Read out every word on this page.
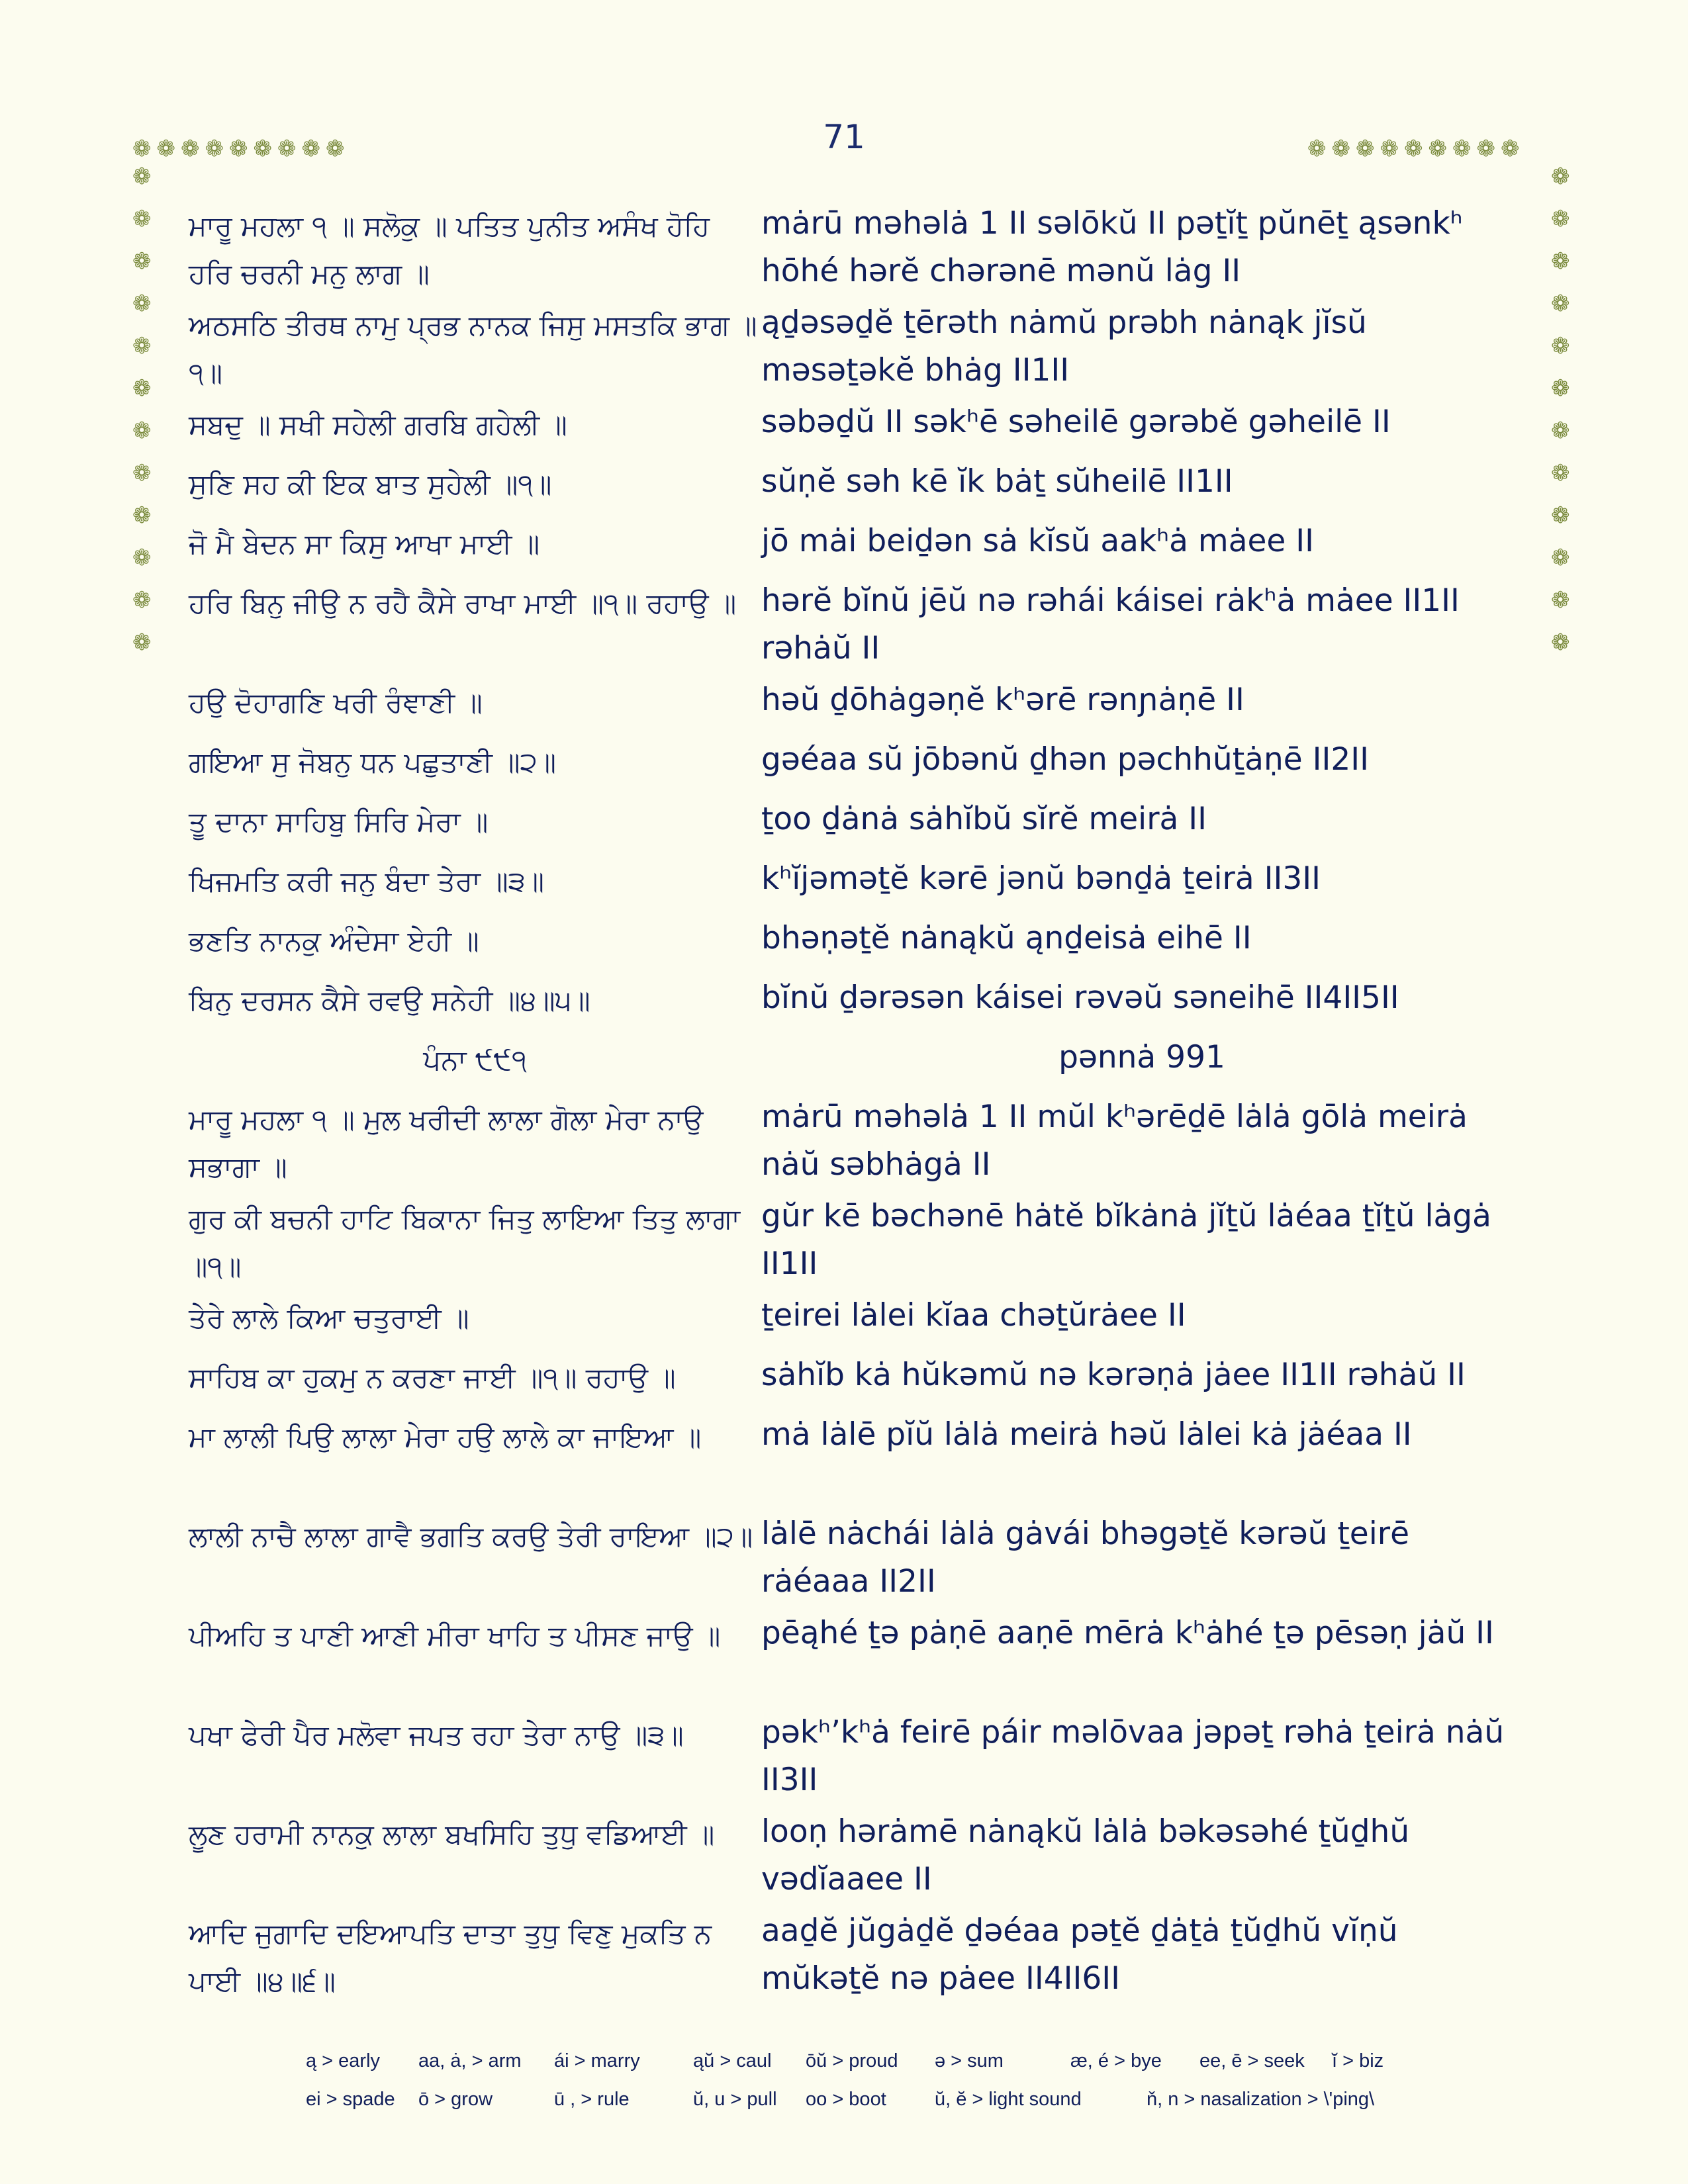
71
❁ ❁ ❁ ❁ ❁ ❁ ❁ ❁ ❁	❁ ❁ ❁ ❁ ❁ ❁ ❁ ❁ ❁
❁
❁
❁
❁
❁
❁
❁
❁
❁
❁
❁
❁
❁
❁
❁
❁
❁
❁
❁
❁
❁
❁
❁
❁
ਮਾਰੂ ਮਹਲਾ ੧ ॥ ਸਲੋਕੁ ॥ ਪਤਿਤ ਪੁਨੀਤ ਅਸੰਖ ਹੋਹਿ ਹਰਿ ਚਰਨੀ ਮਨੁ ਲਾਗ ॥
mȧrū məhəlȧ 1 II səlōkŭ II pəṯĭṯ pŭnēṯ ąsənkʰ hōhé hərĕ chərənē mənŭ lȧg II
ਅਠਸਠਿ ਤੀਰਥ ਨਾਮੁ ਪ੍ਰਭ ਨਾਨਕ ਜਿਸੁ ਮਸਤਕਿ ਭਾਗ ॥੧॥
ąḏəsəḏĕ ṯērəth nȧmŭ prəbh nȧnąk jĭsŭ məsəṯəkĕ bhȧg II1II
ਸਬਦੁ ॥ ਸਖੀ ਸਹੇਲੀ ਗਰਬਿ ਗਹੇਲੀ ॥	səbəḏŭ II səkʰē səheilē gərəbĕ gəheilē II
ਸੁਣਿ ਸਹ ਕੀ ਇਕ ਬਾਤ ਸੁਹੇਲੀ ॥੧॥	sŭṇĕ səh kē ĭk bȧṯ sŭheilē II1II
ਜੋ ਮੈ ਬੇਦਨ ਸਾ ਕਿਸੁ ਆਖਾ ਮਾਈ ॥	jō mȧi beiḏən sȧ kĭsŭ aakʰȧ mȧee II
ਹਰਿ ਬਿਨੁ ਜੀਉ ਨ ਰਹੈ ਕੈਸੇ ਰਾਖਾ ਮਾਈ ॥੧॥ ਰਹਾਉ ॥ hərĕ bĭnŭ jēŭ nə rəhái káisei rȧkʰȧ mȧee II1II rəhȧŭ II
ਹਉ ਦੋਹਾਗਣਿ ਖਰੀ ਰੰਞਾਣੀ ॥	həŭ ḏōhȧgəṇĕ kʰərē rənɲȧṇē II
ਗਇਆ ਸੁ ਜੋਬਨੁ ਧਨ ਪਛੁਤਾਣੀ ॥੨॥	gəéaa sŭ jōbənŭ ḏhən pəchhŭṯȧṇē II2II
ਤੂ ਦਾਨਾ ਸਾਹਿਬੁ ਸਿਰਿ ਮੇਰਾ ॥	ṯoo ḏȧnȧ sȧhĭbŭ sĭrĕ meirȧ II
ਖਿਜਮਤਿ ਕਰੀ ਜਨੁ ਬੰਦਾ ਤੇਰਾ ॥੩॥	kʰĭjəməṯĕ kərē jənŭ bənḏȧ ṯeirȧ II3II
ਭਣਤਿ ਨਾਨਕੁ ਅੰਦੇਸਾ ਏਹੀ ॥	bhəṇəṯĕ nȧnąkŭ ąnḏeisȧ eihē II
ਬਿਨੁ ਦਰਸਨ ਕੈਸੇ ਰਵਉ ਸਨੇਹੀ ॥੪॥੫॥	bĭnŭ ḏərəsən káisei rəvəŭ səneihē II4II5II
ਪੰਨਾ ੯੯੧	pənnȧ 991
ਮਾਰੂ ਮਹਲਾ ੧ ॥ ਮੁਲ ਖਰੀਦੀ ਲਾਲਾ ਗੋਲਾ ਮੇਰਾ ਨਾਉ ਸਭਾਗਾ ॥
mȧrū məhəlȧ 1 II mŭl kʰərēḏē lȧlȧ gōlȧ meirȧ nȧŭ səbhȧgȧ II
ਗੁਰ ਕੀ ਬਚਨੀ ਹਾਟਿ ਬਿਕਾਨਾ ਜਿਤੁ ਲਾਇਆ ਤਿਤੁ ਲਾਗਾ ॥੧॥
gŭr kē bəchənē hȧtĕ bĭkȧnȧ jĭṯŭ lȧéaa ṯĭṯŭ lȧgȧ II1II
ਤੇਰੇ ਲਾਲੇ ਕਿਆ ਚਤੁਰਾਈ ॥	ṯeirei lȧlei kĭaa chəṯŭrȧee II
ਸਾਹਿਬ ਕਾ ਹੁਕਮੁ ਨ ਕਰਣਾ ਜਾਈ ॥੧॥ ਰਹਾਉ ॥	sȧhĭb kȧ hŭkəmŭ nə kərəṇȧ jȧee II1II rəhȧŭ II
ਮਾ ਲਾਲੀ ਪਿਉ ਲਾਲਾ ਮੇਰਾ ਹਉ ਲਾਲੇ ਕਾ ਜਾਇਆ ॥	mȧ lȧlē pĭŭ lȧlȧ meirȧ həŭ lȧlei kȧ jȧéaa II
ਲਾਲੀ ਨਾਚੈ ਲਾਲਾ ਗਾਵੈ ਭਗਤਿ ਕਰਉ ਤੇਰੀ ਰਾਇਆ ॥੨॥ lȧlē nȧchái lȧlȧ gȧvái bhəgəṯĕ kərəŭ ṯeirē rȧéaaa II2II
ਪੀਅਹਿ ਤ ਪਾਣੀ ਆਣੀ ਮੀਰਾ ਖਾਹਿ ਤ ਪੀਸਣ ਜਾਉ ॥	pēąhé ṯə pȧṇē aaṇē mērȧ kʰȧhé ṯə pēsəṇ jȧŭ II
ਪਖਾ ਫੇਰੀ ਪੈਰ ਮਲੋਵਾ ਜਪਤ ਰਹਾ ਤੇਰਾ ਨਾਉ ॥੩॥	pəkʰ’kʰȧ feirē páir məlōvaa jəpəṯ rəhȧ ṯeirȧ nȧŭ II3II
ਲੂਣ ਹਰਾਮੀ ਨਾਨਕੁ ਲਾਲਾ ਬਖਸਿਹਿ ਤੁਧੁ ਵਡਿਆਈ ॥	looṇ hərȧmē nȧnąkŭ lȧlȧ bəkəsəhé ṯŭḏhŭ vədĭaaee II
ਆਦਿ ਜੁਗਾਦਿ ਦਇਆਪਤਿ ਦਾਤਾ ਤੁਧੁ ਵਿਣੁ ਮੁਕਤਿ ਨ ਪਾਈ ॥੪॥੬॥
aaḏĕ jŭgȧḏĕ ḏəéaa pəṯĕ ḏȧṯȧ ṯŭḏhŭ vĭṇŭ mŭkəṯĕ nə pȧee II4II6II
ą > early	aa, ȧ, > arm	ái > marry	ąŭ > caul	ōŭ > proud	ə > sum	æ, é > bye	ee, ē > seek	ĭ > biz
ei > spade	ō > grow	ū , > rule	ŭ, u > pull	oo > boot	ŭ, ĕ > light sound	ň, n > nasalization > \'ping\
